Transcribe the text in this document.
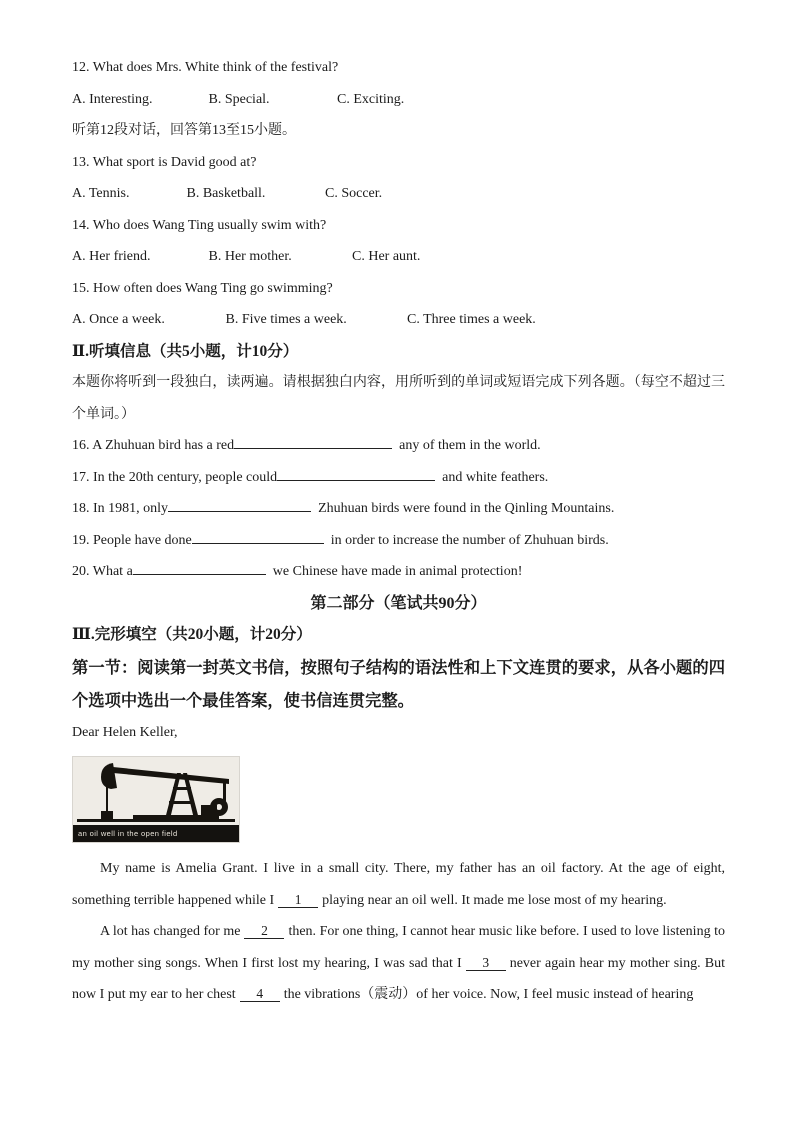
12. What does Mrs. White think of the festival?

A. Interesting.	B. Special.	C. Exciting.

听第12段对话，回答第13至15小题。

13. What sport is David good at?

A. Tennis.	B. Basketball.	C. Soccer.

14. Who does Wang Ting usually swim with?

A. Her friend.	B. Her mother.	C. Her aunt.

15. How often does Wang Ting go swimming?

A. Once a week.	B. Five times a week.	C. Three times a week.

Ⅱ.听填信息（共5小题，计10分）

本题你将听到一段独白，读两遍。请根据独白内容，用所听到的单词或短语完成下列各题。（每空不超过三个单词。）

16. A Zhuhuan bird has a red	any of them in the world.

17. In the 20th century, people could	and white feathers.

18. In 1981, only	Zhuhuan birds were found in the Qinling Mountains.

19. People have done	in order to increase the number of Zhuhuan birds.

20. What a	we Chinese have made in animal protection!

第二部分（笔试共90分）

Ⅲ.完形填空（共20小题，计20分）

第一节：阅读第一封英文书信，按照句子结构的语法性和上下文连贯的要求，从各小题的四个选项中选出一个最佳答案，使书信连贯完整。

Dear Helen Keller,

an oil well in the open field

My name is Amelia Grant. I live in a small city. There, my father has an oil factory. At the age of eight, something terrible happened while I 1 playing near an oil well. It made me lose most of my hearing.

A lot has changed for me 2 then. For one thing, I cannot hear music like before. I used to love listening to my mother sing songs. When I first lost my hearing, I was sad that I 3 never again hear my mother sing. But now I put my ear to her chest 4 the vibrations（震动）of her voice. Now, I feel music instead of hearing
